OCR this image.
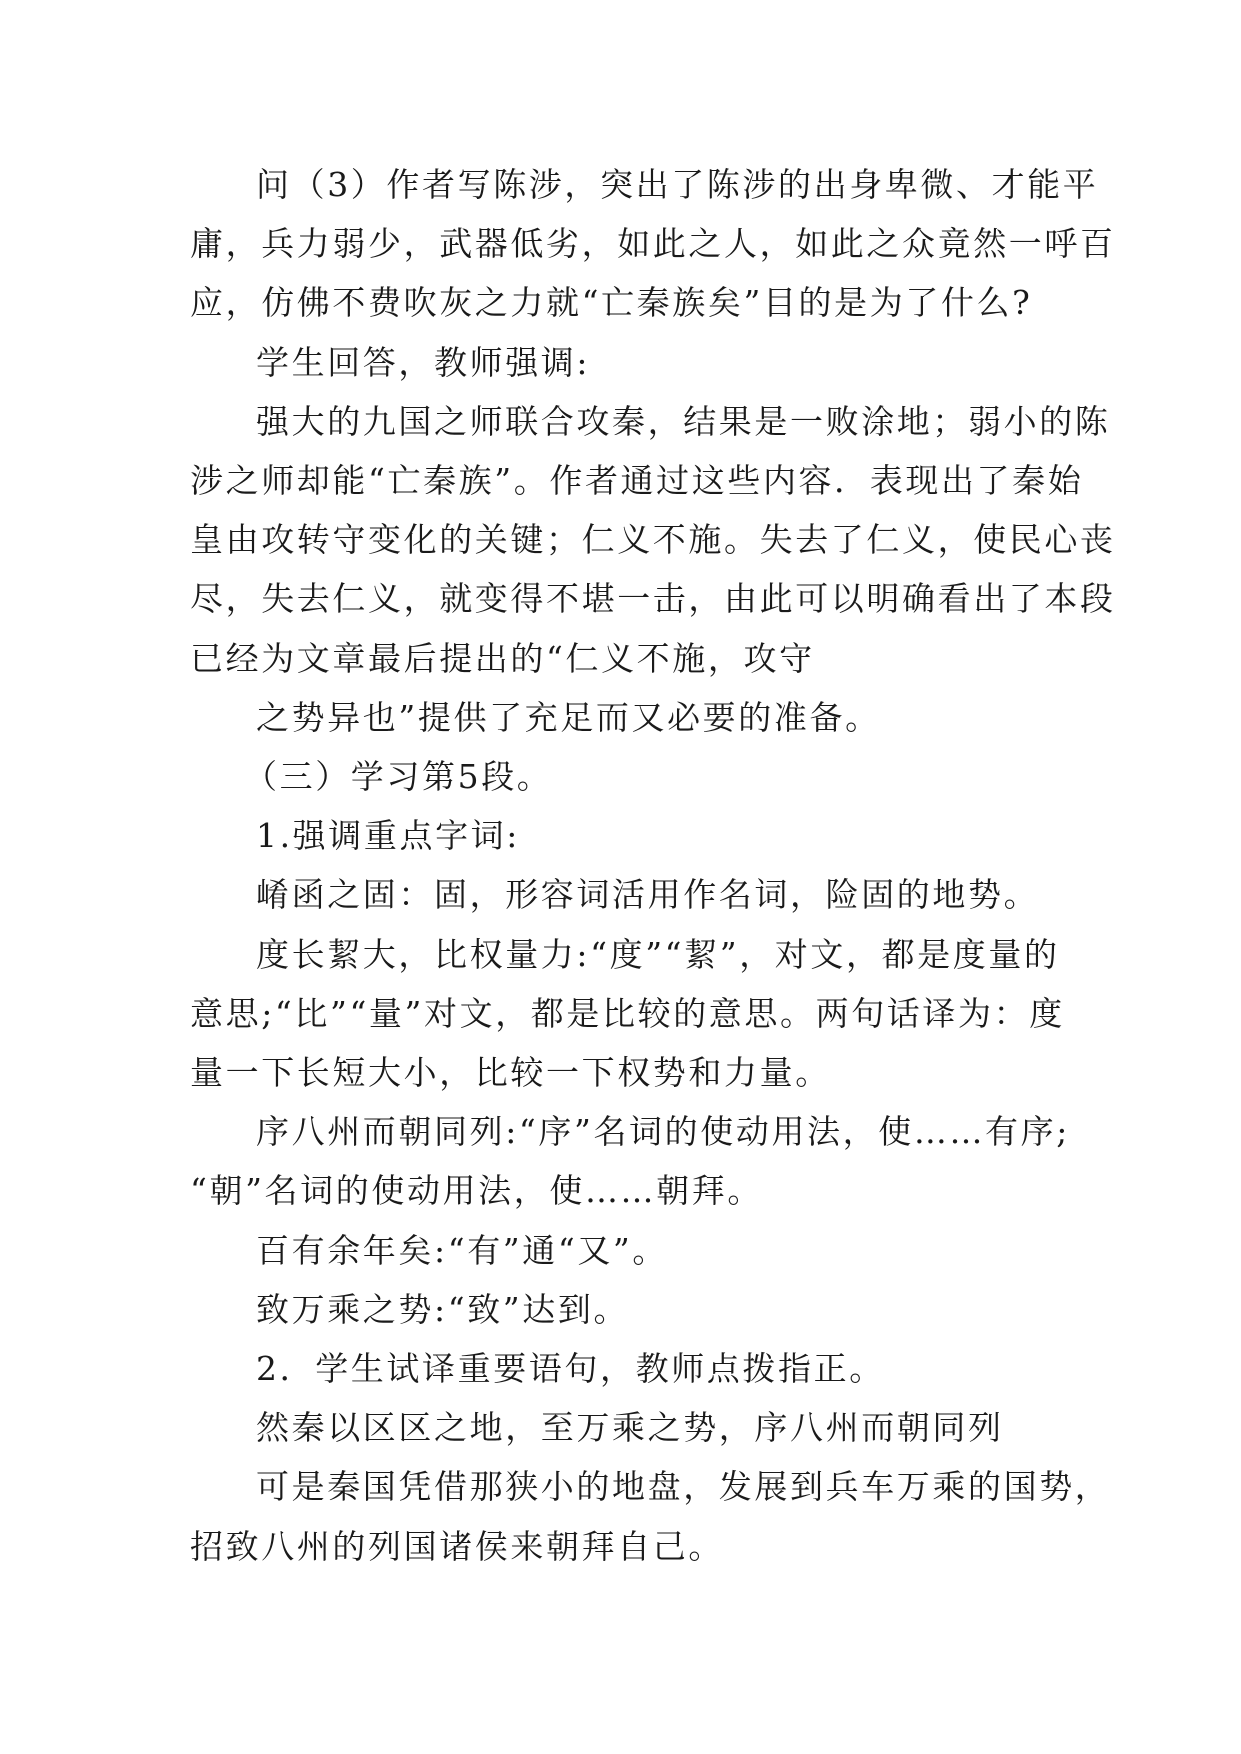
问（3）作者写陈涉，突出了陈涉的出身卑微、才能平
庸，兵力弱少，武器低劣，如此之人，如此之众竟然一呼百
应，仿佛不费吹灰之力就“亡秦族矣”目的是为了什么?
学生回答，教师强调:
强大的九国之师联合攻秦，结果是一败涂地；弱小的陈
涉之师却能“亡秦族”。作者通过这些内容．表现出了秦始
皇由攻转守变化的关键；仁义不施。失去了仁义，使民心丧
尽，失去仁义，就变得不堪一击，由此可以明确看出了本段
已经为文章最后提出的“仁义不施，攻守
之势异也”提供了充足而又必要的准备。
（三）学习第5段。
1.强调重点字词:
崤函之固：固，形容词活用作名词，险固的地势。
度长絜大，比权量力:“度”“絜”，对文，都是度量的
意思;“比”“量”对文，都是比较的意思。两句话译为：度
量一下长短大小，比较一下权势和力量。
序八州而朝同列:“序”名词的使动用法，使……有序;
“朝”名词的使动用法，使……朝拜。
百有余年矣:“有”通“又”。
致万乘之势:“致”达到。
2．学生试译重要语句，教师点拨指正。
然秦以区区之地，至万乘之势，序八州而朝同列
可是秦国凭借那狭小的地盘，发展到兵车万乘的国势，
招致八州的列国诸侯来朝拜自己。
